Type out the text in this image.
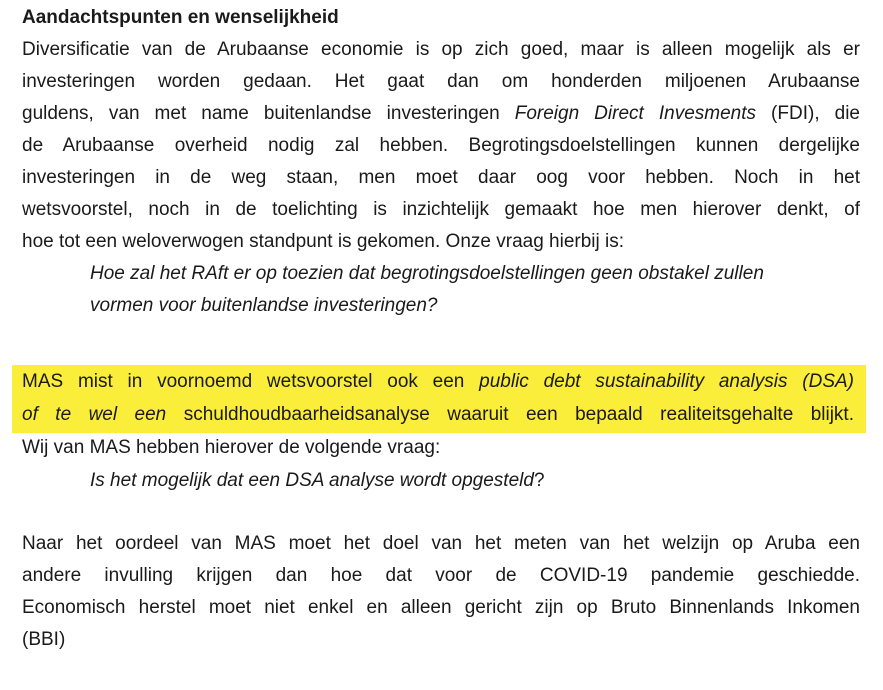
Aandachtspunten en wenselijkheid
Diversificatie van de Arubaanse economie is op zich goed, maar is alleen mogelijk als er
investeringen worden gedaan. Het gaat dan om honderden miljoenen Arubaanse
guldens, van met name buitenlandse investeringen Foreign Direct Invesments (FDI), die
de Arubaanse overheid nodig zal hebben. Begrotingsdoelstellingen kunnen dergelijke
investeringen in de weg staan, men moet daar oog voor hebben. Noch in het
wetsvoorstel, noch in de toelichting is inzichtelijk gemaakt hoe men hierover denkt, of
hoe tot een weloverwogen standpunt is gekomen. Onze vraag hierbij is:
Hoe zal het RAft er op toezien dat begrotingsdoelstellingen geen obstakel zullen
vormen voor buitenlandse investeringen?
MAS mist in voornoemd wetsvoorstel ook een public debt sustainability analysis (DSA)
of te wel een schuldhoudbaarheidsanalyse waaruit een bepaald realiteitsgehalte blijkt.
Wij van MAS hebben hierover de volgende vraag:
Is het mogelijk dat een DSA analyse wordt opgesteld?
Naar het oordeel van MAS moet het doel van het meten van het welzijn op Aruba een
andere invulling krijgen dan hoe dat voor de COVID-19 pandemie geschiedde.
Economisch herstel moet niet enkel en alleen gericht zijn op Bruto Binnenlands Inkomen
(BBI)
